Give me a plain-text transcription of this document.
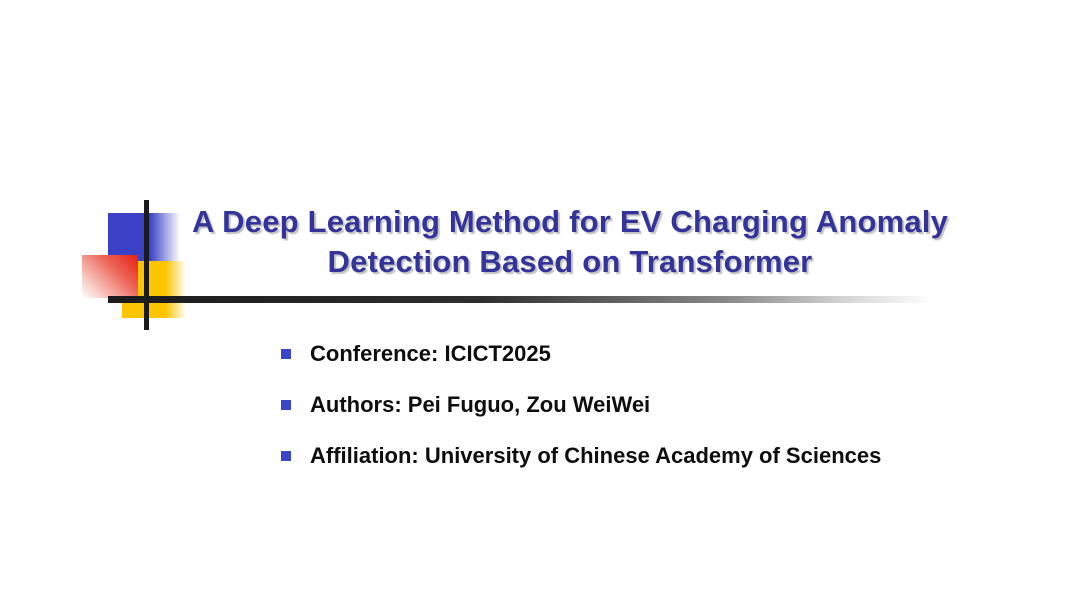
A Deep Learning Method for EV Charging Anomaly
Detection Based on Transformer
Conference: ICICT2025
Authors: Pei Fuguo, Zou WeiWei
Affiliation: University of Chinese Academy of Sciences
